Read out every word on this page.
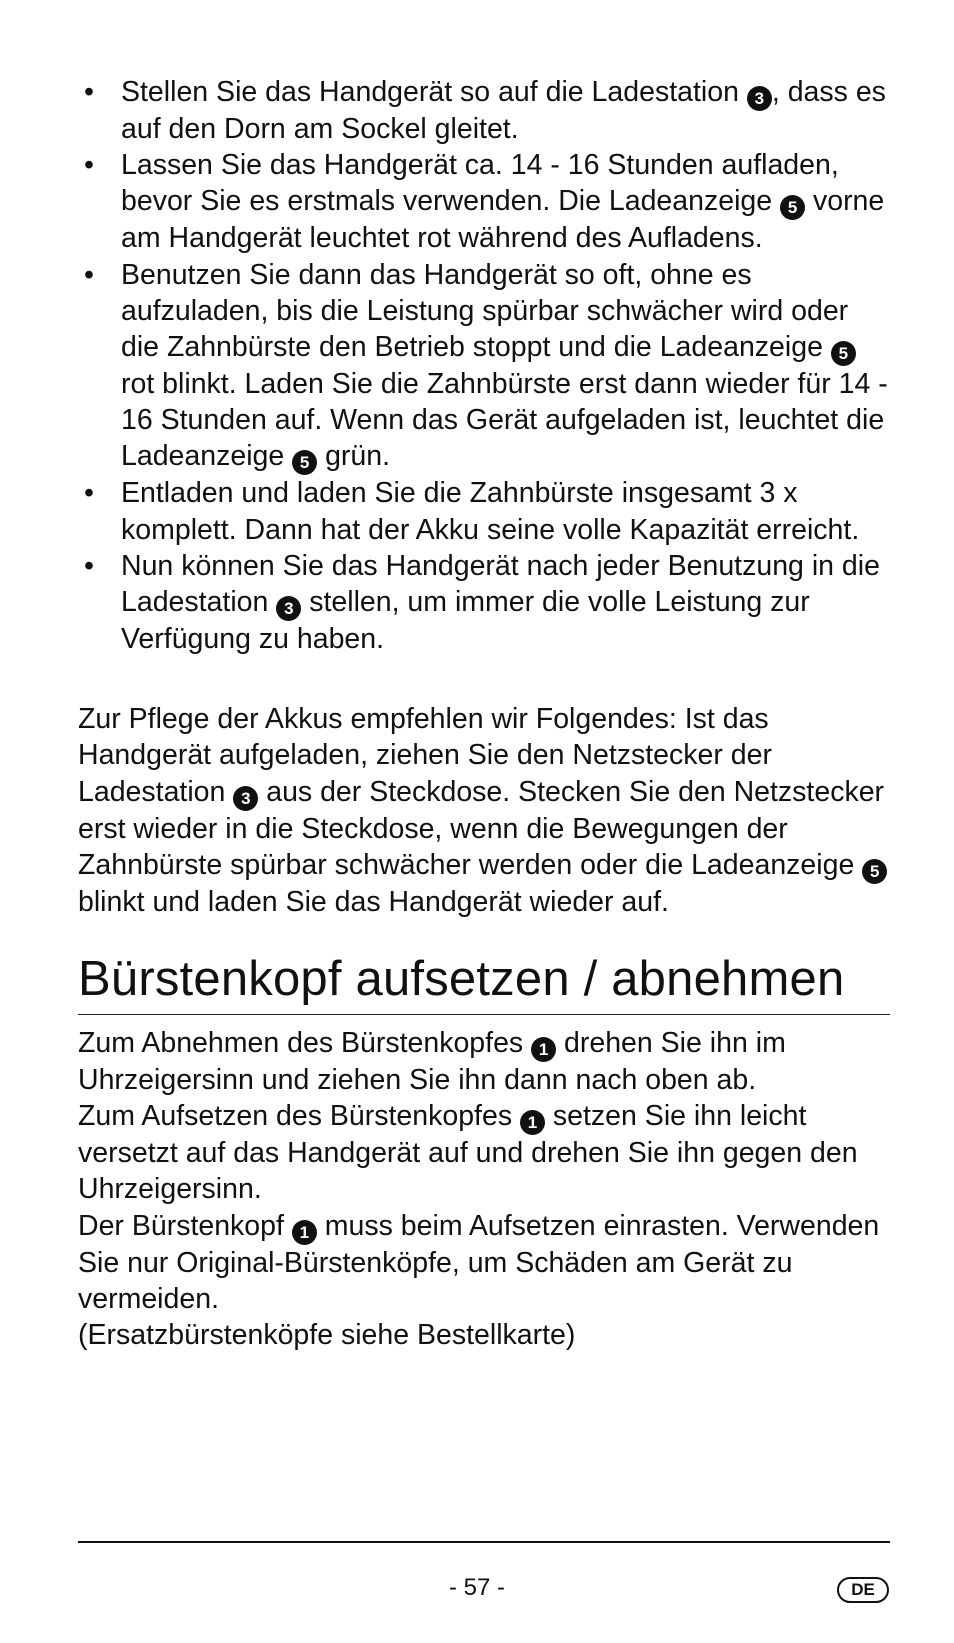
• Stellen Sie das Handgerät so auf die Ladestation 3 , dass es auf den Dorn am Sockel gleitet.
• Lassen Sie das Handgerät ca. 14 - 16 Stunden aufladen, bevor Sie es erstmals verwenden. Die Ladeanzeige 5 vorne am Handgerät leuchtet rot während des Aufladens.
• Benutzen Sie dann das Handgerät so oft, ohne es aufzuladen, bis die Leistung spürbar schwächer wird oder die Zahnbürste den Betrieb stoppt und die Ladeanzeige 5 rot blinkt. Laden Sie die Zahnbürste erst dann wieder für 14 - 16 Stunden auf. Wenn das Gerät aufgeladen ist, leuchtet die Ladeanzeige 5 grün.
• Entladen und laden Sie die Zahnbürste insgesamt 3 x komplett. Dann hat der Akku seine volle Kapazität erreicht.
• Nun können Sie das Handgerät nach jeder Benutzung in die Ladestation 3 stellen, um immer die volle Leistung zur Verfügung zu haben.

Zur Pflege der Akkus empfehlen wir Folgendes: Ist das Handgerät aufgeladen, ziehen Sie den Netzstecker der Ladestation 3 aus der Steckdose. Stecken Sie den Netzstecker erst wieder in die Steckdose, wenn die Bewegungen der Zahnbürste spürbar schwächer werden oder die Ladeanzeige 5 blinkt und laden Sie das Handgerät wieder auf.

Bürstenkopf aufsetzen / abnehmen

Zum Abnehmen des Bürstenkopfes 1 drehen Sie ihn im Uhrzeigersinn und ziehen Sie ihn dann nach oben ab.

Zum Aufsetzen des Bürstenkopfes 1 setzen Sie ihn leicht versetzt auf das Handgerät auf und drehen Sie ihn gegen den Uhrzeigersinn.

Der Bürstenkopf 1 muss beim Aufsetzen einrasten. Verwenden Sie nur Original-Bürstenköpfe, um Schäden am Gerät zu vermeiden.

(Ersatzbürstenköpfe siehe Bestellkarte)

- 57 -	DE
